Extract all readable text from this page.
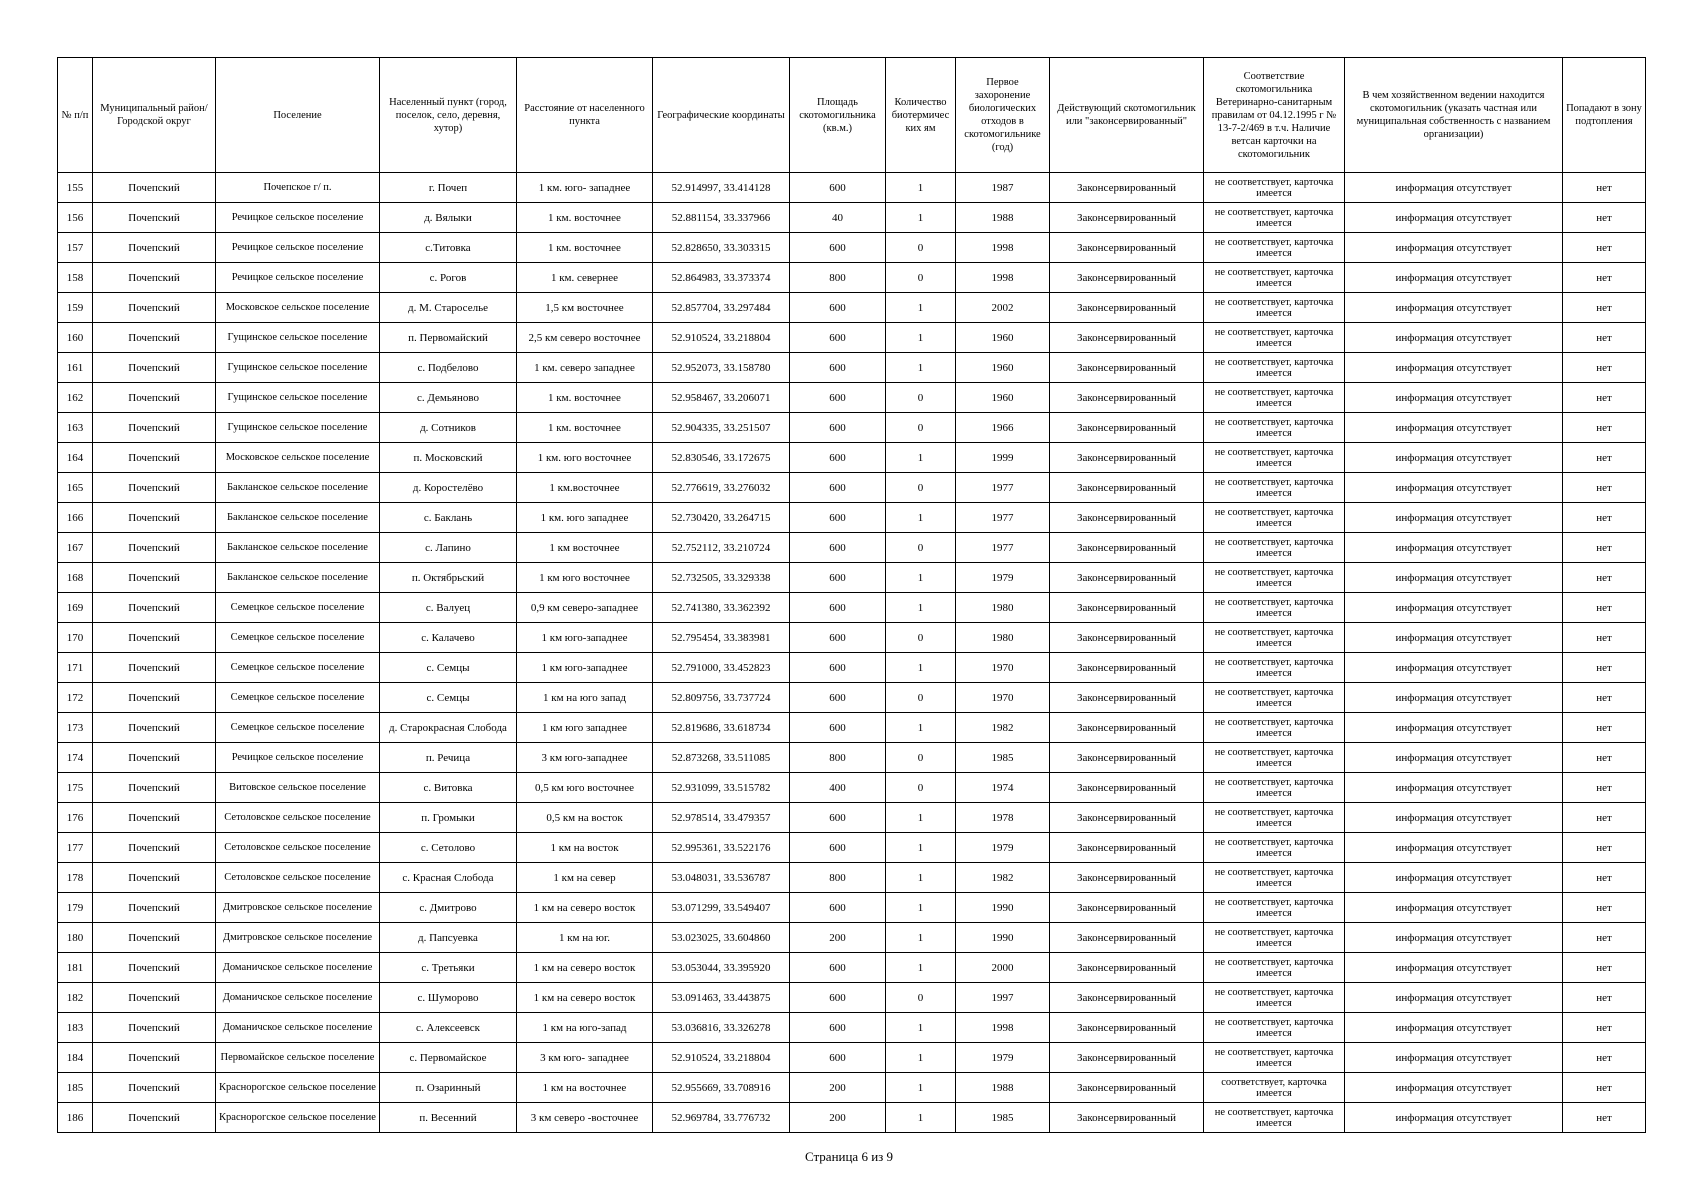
№ п/п	Муниципальный район/Городской округ	Поселение	Населенный пункт (город, поселок, село, деревня, хутор)	Расстояние от населенного пункта	Географические координаты	Площадь скотомогильника (кв.м.)	Количество биотермичес ких ям	Первое захоронение биологических отходов в скотомогильнике (год)	Действующий скотомогильник или "законсервированный"	Соответствие скотомогильника Ветеринарно-санитарным правилам от 04.12.1995 г № 13-7-2/469 в т.ч. Наличие ветсан карточки на скотомогильник	В чем хозяйственном ведении находится скотомогильник (указать частная или муниципальная собственность с названием организации)	Попадают в зону подтопления
155	Почепский	Почепское г/ п.	г. Почеп	1 км. юго- западнее	52.914997, 33.414128	600	1	1987	Законсервированный	не соответствует, карточка имеется	информация отсутствует	нет
156	Почепский	Речицкое сельское поселение	д. Вялыки	1 км. восточнее	52.881154, 33.337966	40	1	1988	Законсервированный	не соответствует, карточка имеется	информация отсутствует	нет
157	Почепский	Речицкое сельское поселение	с.Титовка	1 км. восточнее	52.828650, 33.303315	600	0	1998	Законсервированный	не соответствует, карточка имеется	информация отсутствует	нет
158	Почепский	Речицкое сельское поселение	с. Рогов	1 км. севернее	52.864983, 33.373374	800	0	1998	Законсервированный	не соответствует, карточка имеется	информация отсутствует	нет
159	Почепский	Московское сельское поселение	д. М. Староселье	1,5 км восточнее	52.857704, 33.297484	600	1	2002	Законсервированный	не соответствует, карточка имеется	информация отсутствует	нет
160	Почепский	Гущинское сельское поселение	п. Первомайский	2,5 км северо восточнее	52.910524, 33.218804	600	1	1960	Законсервированный	не соответствует, карточка имеется	информация отсутствует	нет
161	Почепский	Гущинское сельское поселение	с. Подбелово	1 км. северо западнее	52.952073, 33.158780	600	1	1960	Законсервированный	не соответствует, карточка имеется	информация отсутствует	нет
162	Почепский	Гущинское сельское поселение	с. Демьяново	1 км. восточнее	52.958467, 33.206071	600	0	1960	Законсервированный	не соответствует, карточка имеется	информация отсутствует	нет
163	Почепский	Гущинское сельское поселение	д. Сотников	1 км. восточнее	52.904335, 33.251507	600	0	1966	Законсервированный	не соответствует, карточка имеется	информация отсутствует	нет
164	Почепский	Московское сельское поселение	п. Московский	1 км. юго восточнее	52.830546, 33.172675	600	1	1999	Законсервированный	не соответствует, карточка имеется	информация отсутствует	нет
165	Почепский	Бакланское сельское поселение	д. Коростелёво	1 км.восточнее	52.776619, 33.276032	600	0	1977	Законсервированный	не соответствует, карточка имеется	информация отсутствует	нет
166	Почепский	Бакланское сельское поселение	с. Баклань	1 км. юго западнее	52.730420, 33.264715	600	1	1977	Законсервированный	не соответствует, карточка имеется	информация отсутствует	нет
167	Почепский	Бакланское сельское поселение	с. Лапино	1 км восточнее	52.752112, 33.210724	600	0	1977	Законсервированный	не соответствует, карточка имеется	информация отсутствует	нет
168	Почепский	Бакланское сельское поселение	п. Октябрьский	1 км юго восточнее	52.732505, 33.329338	600	1	1979	Законсервированный	не соответствует, карточка имеется	информация отсутствует	нет
169	Почепский	Семецкое сельское поселение	с. Валуец	0,9 км северо-западнее	52.741380, 33.362392	600	1	1980	Законсервированный	не соответствует, карточка имеется	информация отсутствует	нет
170	Почепский	Семецкое сельское поселение	с. Калачево	1 км юго-западнее	52.795454, 33.383981	600	0	1980	Законсервированный	не соответствует, карточка имеется	информация отсутствует	нет
171	Почепский	Семецкое сельское поселение	с. Семцы	1 км юго-западнее	52.791000, 33.452823	600	1	1970	Законсервированный	не соответствует, карточка имеется	информация отсутствует	нет
172	Почепский	Семецкое сельское поселение	с. Семцы	1 км на юго запад	52.809756, 33.737724	600	0	1970	Законсервированный	не соответствует, карточка имеется	информация отсутствует	нет
173	Почепский	Семецкое сельское поселение	д. Старокрасная Слобода	1 км юго западнее	52.819686, 33.618734	600	1	1982	Законсервированный	не соответствует, карточка имеется	информация отсутствует	нет
174	Почепский	Речицкое сельское поселение	п. Речица	3 км юго-западнее	52.873268, 33.511085	800	0	1985	Законсервированный	не соответствует, карточка имеется	информация отсутствует	нет
175	Почепский	Витовское сельское поселение	с. Витовка	0,5 км юго восточнее	52.931099, 33.515782	400	0	1974	Законсервированный	не соответствует, карточка имеется	информация отсутствует	нет
176	Почепский	Сетоловское сельское поселение	п. Громыки	0,5 км на восток	52.978514, 33.479357	600	1	1978	Законсервированный	не соответствует, карточка имеется	информация отсутствует	нет
177	Почепский	Сетоловское сельское поселение	с. Сетолово	1 км на восток	52.995361, 33.522176	600	1	1979	Законсервированный	не соответствует, карточка имеется	информация отсутствует	нет
178	Почепский	Сетоловское сельское поселение	с. Красная Слобода	1 км на север	53.048031, 33.536787	800	1	1982	Законсервированный	не соответствует, карточка имеется	информация отсутствует	нет
179	Почепский	Дмитровское сельское поселение	с. Дмитрово	1 км на северо восток	53.071299, 33.549407	600	1	1990	Законсервированный	не соответствует, карточка имеется	информация отсутствует	нет
180	Почепский	Дмитровское сельское поселение	д. Папсуевка	1 км на юг.	53.023025, 33.604860	200	1	1990	Законсервированный	не соответствует, карточка имеется	информация отсутствует	нет
181	Почепский	Доманичское сельское поселение	с. Третьяки	1 км на северо восток	53.053044, 33.395920	600	1	2000	Законсервированный	не соответствует, карточка имеется	информация отсутствует	нет
182	Почепский	Доманичское сельское поселение	с. Шуморово	1 км на северо восток	53.091463, 33.443875	600	0	1997	Законсервированный	не соответствует, карточка имеется	информация отсутствует	нет
183	Почепский	Доманичское сельское поселение	с. Алексеевск	1 км на юго-запад	53.036816, 33.326278	600	1	1998	Законсервированный	не соответствует, карточка имеется	информация отсутствует	нет
184	Почепский	Первомайское сельское поселение	с. Первомайское	3 км юго- западнее	52.910524, 33.218804	600	1	1979	Законсервированный	не соответствует, карточка имеется	информация отсутствует	нет
185	Почепский	Краснорогское сельское поселение	п. Озаринный	1 км на восточнее	52.955669, 33.708916	200	1	1988	Законсервированный	соответствует, карточка имеется	информация отсутствует	нет
186	Почепский	Краснорогское сельское поселение	п. Весенний	3 км северо -восточнее	52.969784, 33.776732	200	1	1985	Законсервированный	не соответствует, карточка имеется	информация отсутствует	нет
Страница 6 из 9
